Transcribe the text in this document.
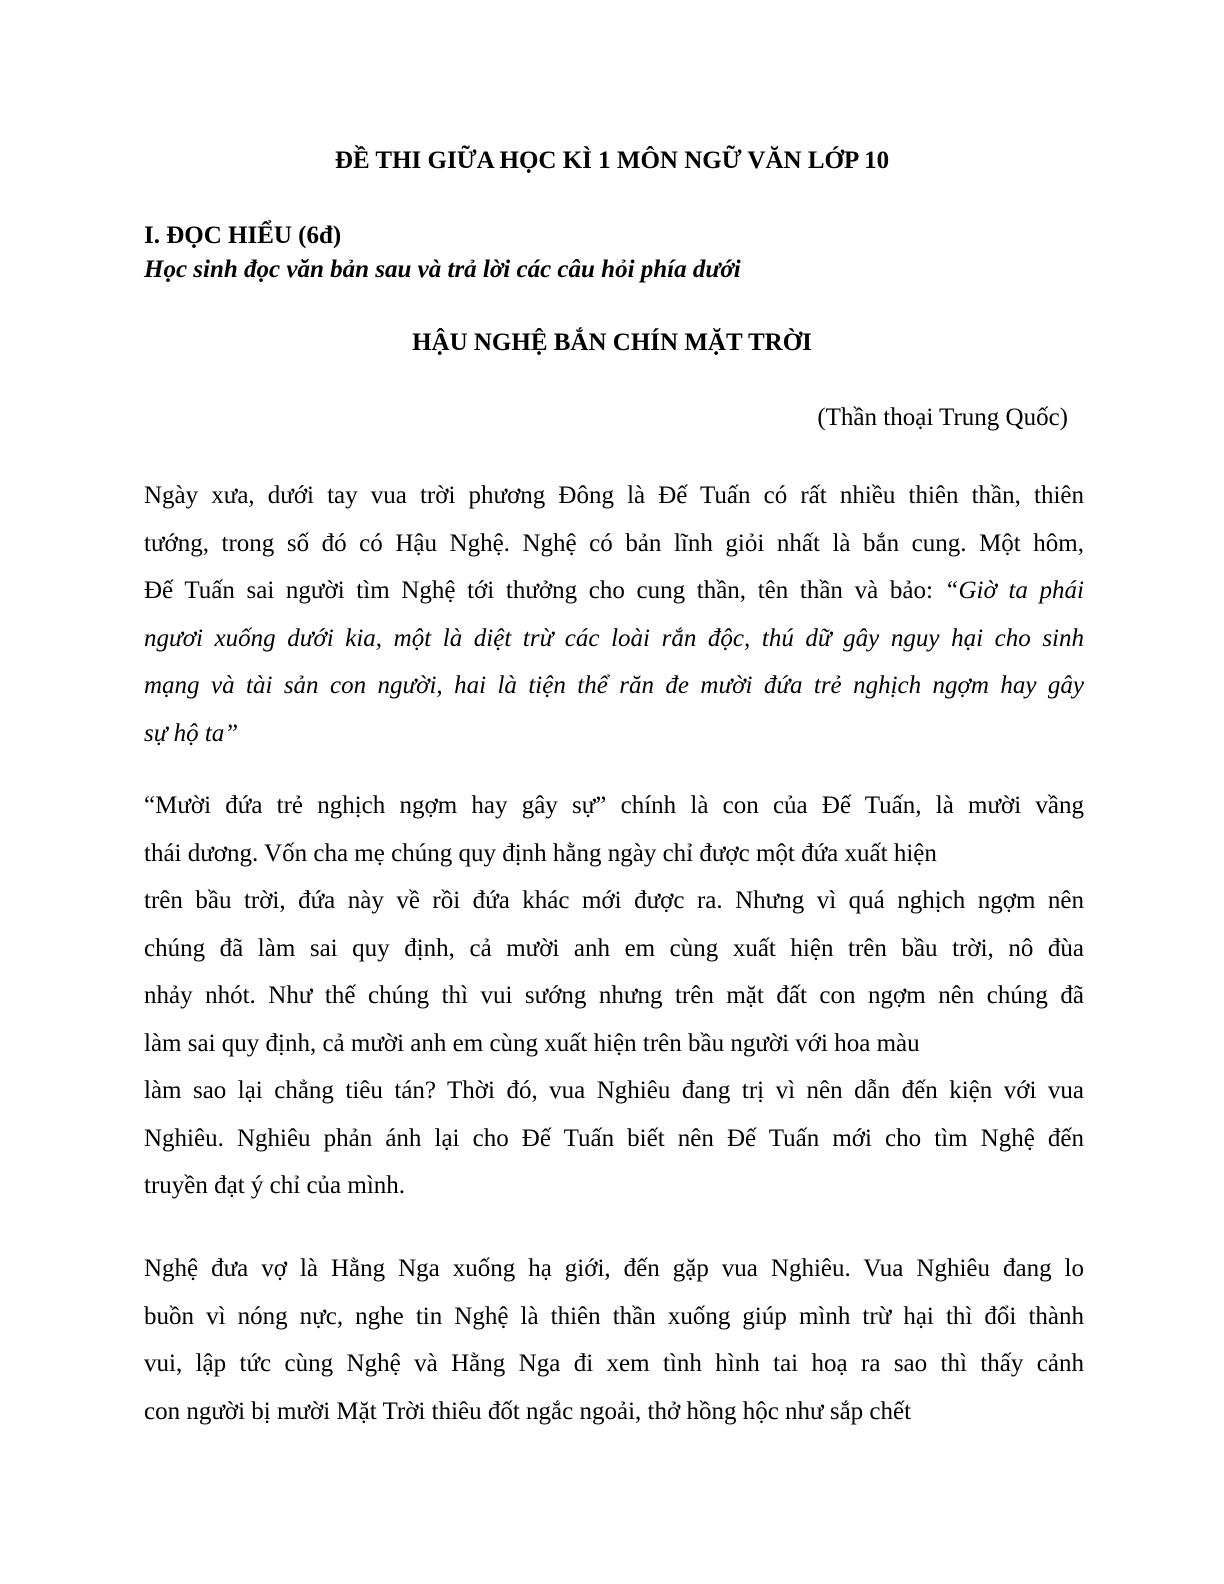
ĐỀ THI GIỮA HỌC KÌ 1 MÔN NGỮ VĂN LỚP 10
I. ĐỌC HIỂU (6đ)
Học sinh đọc văn bản sau và trả lời các câu hỏi phía dưới
HẬU NGHỆ BẮN CHÍN MẶT TRỜI
(Thần thoại Trung Quốc)
Ngày xưa, dưới tay vua trời phương Đông là Đế Tuấn có rất nhiều thiên thần, thiên
tướng, trong số đó có Hậu Nghệ. Nghệ có bản lĩnh giỏi nhất là bắn cung. Một hôm,
Đế Tuấn sai người tìm Nghệ tới thưởng cho cung thần, tên thần và bảo: “Giờ ta phái
ngươi xuống dưới kia, một là diệt trừ các loài rắn độc, thú dữ gây nguy hại cho sinh
mạng và tài sản con người, hai là tiện thể răn đe mười đứa trẻ nghịch ngợm hay gây
sự hộ ta”
“Mười đứa trẻ nghịch ngợm hay gây sự” chính là con của Đế Tuấn, là mười vầng
thái dương. Vốn cha mẹ chúng quy định hằng ngày chỉ được một đứa xuất hiện
trên bầu trời, đứa này về rồi đứa khác mới được ra. Nhưng vì quá nghịch ngợm nên
chúng đã làm sai quy định, cả mười anh em cùng xuất hiện trên bầu trời, nô đùa
nhảy nhót. Như thế chúng thì vui sướng nhưng trên mặt đất con ngợm nên chúng đã
làm sai quy định, cả mười anh em cùng xuất hiện trên bầu người với hoa màu
làm sao lại chẳng tiêu tán? Thời đó, vua Nghiêu đang trị vì nên dẫn đến kiện với vua
Nghiêu. Nghiêu phản ánh lại cho Đế Tuấn biết nên Đế Tuấn mới cho tìm Nghệ đến
truyền đạt ý chỉ của mình.
Nghệ đưa vợ là Hằng Nga xuống hạ giới, đến gặp vua Nghiêu. Vua Nghiêu đang lo
buồn vì nóng nực, nghe tin Nghệ là thiên thần xuống giúp mình trừ hại thì đổi thành
vui, lập tức cùng Nghệ và Hằng Nga đi xem tình hình tai hoạ ra sao thì thấy cảnh
con người bị mười Mặt Trời thiêu đốt ngắc ngoải, thở hồng hộc như sắp chết
